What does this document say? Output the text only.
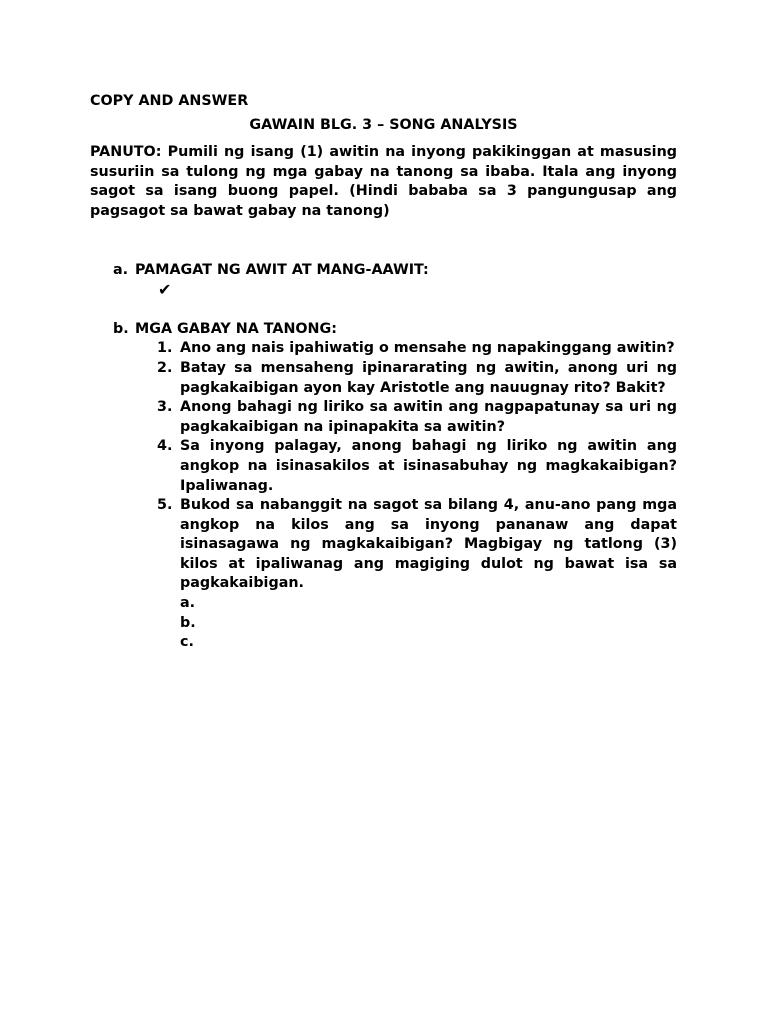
COPY AND ANSWER
GAWAIN BLG. 3 – SONG ANALYSIS
PANUTO: Pumili ng isang (1) awitin na inyong pakikinggan at masusing susuriin sa tulong ng mga gabay na tanong sa ibaba. Itala ang inyong sagot sa isang buong papel. (Hindi bababa sa 3 pangungusap ang pagsagot sa bawat gabay na tanong)
a. PAMAGAT NG AWIT AT MANG-AAWIT:
✔
b. MGA GABAY NA TANONG:
1. Ano ang nais ipahiwatig o mensahe ng napakinggang awitin?
2. Batay sa mensaheng ipinararating ng awitin, anong uri ng pagkakaibigan ayon kay Aristotle ang nauugnay rito? Bakit?
3. Anong bahagi ng liriko sa awitin ang nagpapatunay sa uri ng pagkakaibigan na ipinapakita sa awitin?
4. Sa inyong palagay, anong bahagi ng liriko ng awitin ang angkop na isinasakilos at isinasabuhay ng magkakaibigan? Ipaliwanag.
5. Bukod sa nabanggit na sagot sa bilang 4, anu-ano pang mga angkop na kilos ang sa inyong pananaw ang dapat isinasagawa ng magkakaibigan? Magbigay ng tatlong (3) kilos at ipaliwanag ang magiging dulot ng bawat isa sa pagkakaibigan.
a.
b.
c.
